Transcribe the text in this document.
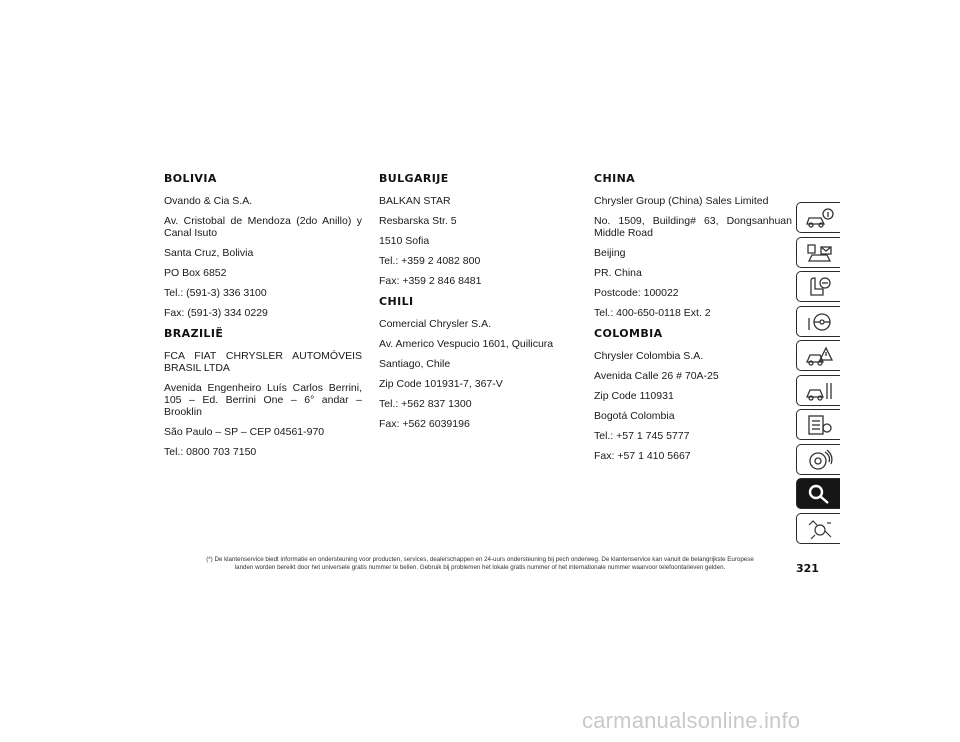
BOLIVIA

Ovando & Cia S.A.

Av. Cristobal de Mendoza (2do Anillo) y Canal Isuto

Santa Cruz, Bolivia

PO Box 6852

Tel.: (591-3) 336 3100

Fax: (591-3) 334 0229

BRAZILIË

FCA FIAT CHRYSLER AUTOMÓVEIS BRASIL LTDA

Avenida Engenheiro Luís Carlos Berrini, 105 – Ed. Berrini One – 6° andar – Brooklin

São Paulo – SP – CEP 04561-970

Tel.: 0800 703 7150

BULGARIJE

BALKAN STAR

Resbarska Str. 5

1510 Sofia

Tel.: +359 2 4082 800

Fax: +359 2 846 8481

CHILI

Comercial Chrysler S.A.

Av. Americo Vespucio 1601, Quilicura

Santiago, Chile

Zip Code 101931-7, 367-V

Tel.: +562 837 1300

Fax: +562 6039196

CHINA

Chrysler Group (China) Sales Limited

No. 1509, Building# 63, Dongsanhuan Middle Road

Beijing

PR. China

Postcode: 100022

Tel.: 400-650-0118 Ext. 2

COLOMBIA

Chrysler Colombia S.A.

Avenida Calle 26 # 70A-25

Zip Code 110931

Bogotá Colombia

Tel.: +57 1 745 5777

Fax: +57 1 410 5667

(*) De klantenservice biedt informatie en ondersteuning voor producten, services, dealerschappen en 24-uurs ondersteuning bij pech onderweg. De klantenservice kan vanuit de belangrijkste Europese
landen worden bereikt door het universele gratis nummer te bellen. Gebruik bij problemen het lokale gratis nummer of het internationale nummer waarvoor telefoontarieven gelden.	321
carmanualsonline.info
